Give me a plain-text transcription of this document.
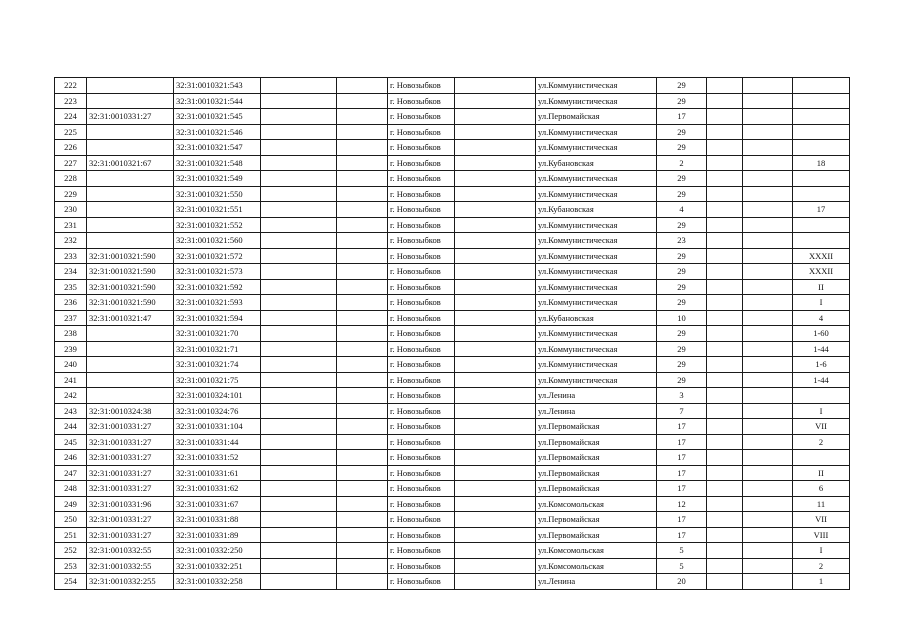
222		32:31:0010321:543			г. Новозыбков		ул.Коммунистическая	29			
223		32:31:0010321:544			г. Новозыбков		ул.Коммунистическая	29			
224	32:31:0010331:27	32:31:0010321:545			г. Новозыбков		ул.Первомайская	17			
225		32:31:0010321:546			г. Новозыбков		ул.Коммунистическая	29			
226		32:31:0010321:547			г. Новозыбков		ул.Коммунистическая	29			
227	32:31:0010321:67	32:31:0010321:548			г. Новозыбков		ул.Кубановская	2			18
228		32:31:0010321:549			г. Новозыбков		ул.Коммунистическая	29			
229		32:31:0010321:550			г. Новозыбков		ул.Коммунистическая	29			
230		32:31:0010321:551			г. Новозыбков		ул.Кубановская	4			17
231		32:31:0010321:552			г. Новозыбков		ул.Коммунистическая	29			
232		32:31:0010321:560			г. Новозыбков		ул.Коммунистическая	23			
233	32:31:0010321:590	32:31:0010321:572			г. Новозыбков		ул.Коммунистическая	29			XXXII
234	32:31:0010321:590	32:31:0010321:573			г. Новозыбков		ул.Коммунистическая	29			XXXII
235	32:31:0010321:590	32:31:0010321:592			г. Новозыбков		ул.Коммунистическая	29			II
236	32:31:0010321:590	32:31:0010321:593			г. Новозыбков		ул.Коммунистическая	29			I
237	32:31:0010321:47	32:31:0010321:594			г. Новозыбков		ул.Кубановская	10			4
238		32:31:0010321:70			г. Новозыбков		ул.Коммунистическая	29			1-60
239		32:31:0010321:71			г. Новозыбков		ул.Коммунистическая	29			1-44
240		32:31:0010321:74			г. Новозыбков		ул.Коммунистическая	29			1-6
241		32:31:0010321:75			г. Новозыбков		ул.Коммунистическая	29			1-44
242		32:31:0010324:101			г. Новозыбков		ул.Ленина	3			
243	32:31:0010324:38	32:31:0010324:76			г. Новозыбков		ул.Ленина	7			I
244	32:31:0010331:27	32:31:0010331:104			г. Новозыбков		ул.Первомайская	17			VII
245	32:31:0010331:27	32:31:0010331:44			г. Новозыбков		ул.Первомайская	17			2
246	32:31:0010331:27	32:31:0010331:52			г. Новозыбков		ул.Первомайская	17			
247	32:31:0010331:27	32:31:0010331:61			г. Новозыбков		ул.Первомайская	17			II
248	32:31:0010331:27	32:31:0010331:62			г. Новозыбков		ул.Первомайская	17			6
249	32:31:0010331:96	32:31:0010331:67			г. Новозыбков		ул.Комсомольская	12			11
250	32:31:0010331:27	32:31:0010331:88			г. Новозыбков		ул.Первомайская	17			VII
251	32:31:0010331:27	32:31:0010331:89			г. Новозыбков		ул.Первомайская	17			VIII
252	32:31:0010332:55	32:31:0010332:250			г. Новозыбков		ул.Комсомольская	5			I
253	32:31:0010332:55	32:31:0010332:251			г. Новозыбков		ул.Комсомольская	5			2
254	32:31:0010332:255	32:31:0010332:258			г. Новозыбков		ул.Ленина	20			1
